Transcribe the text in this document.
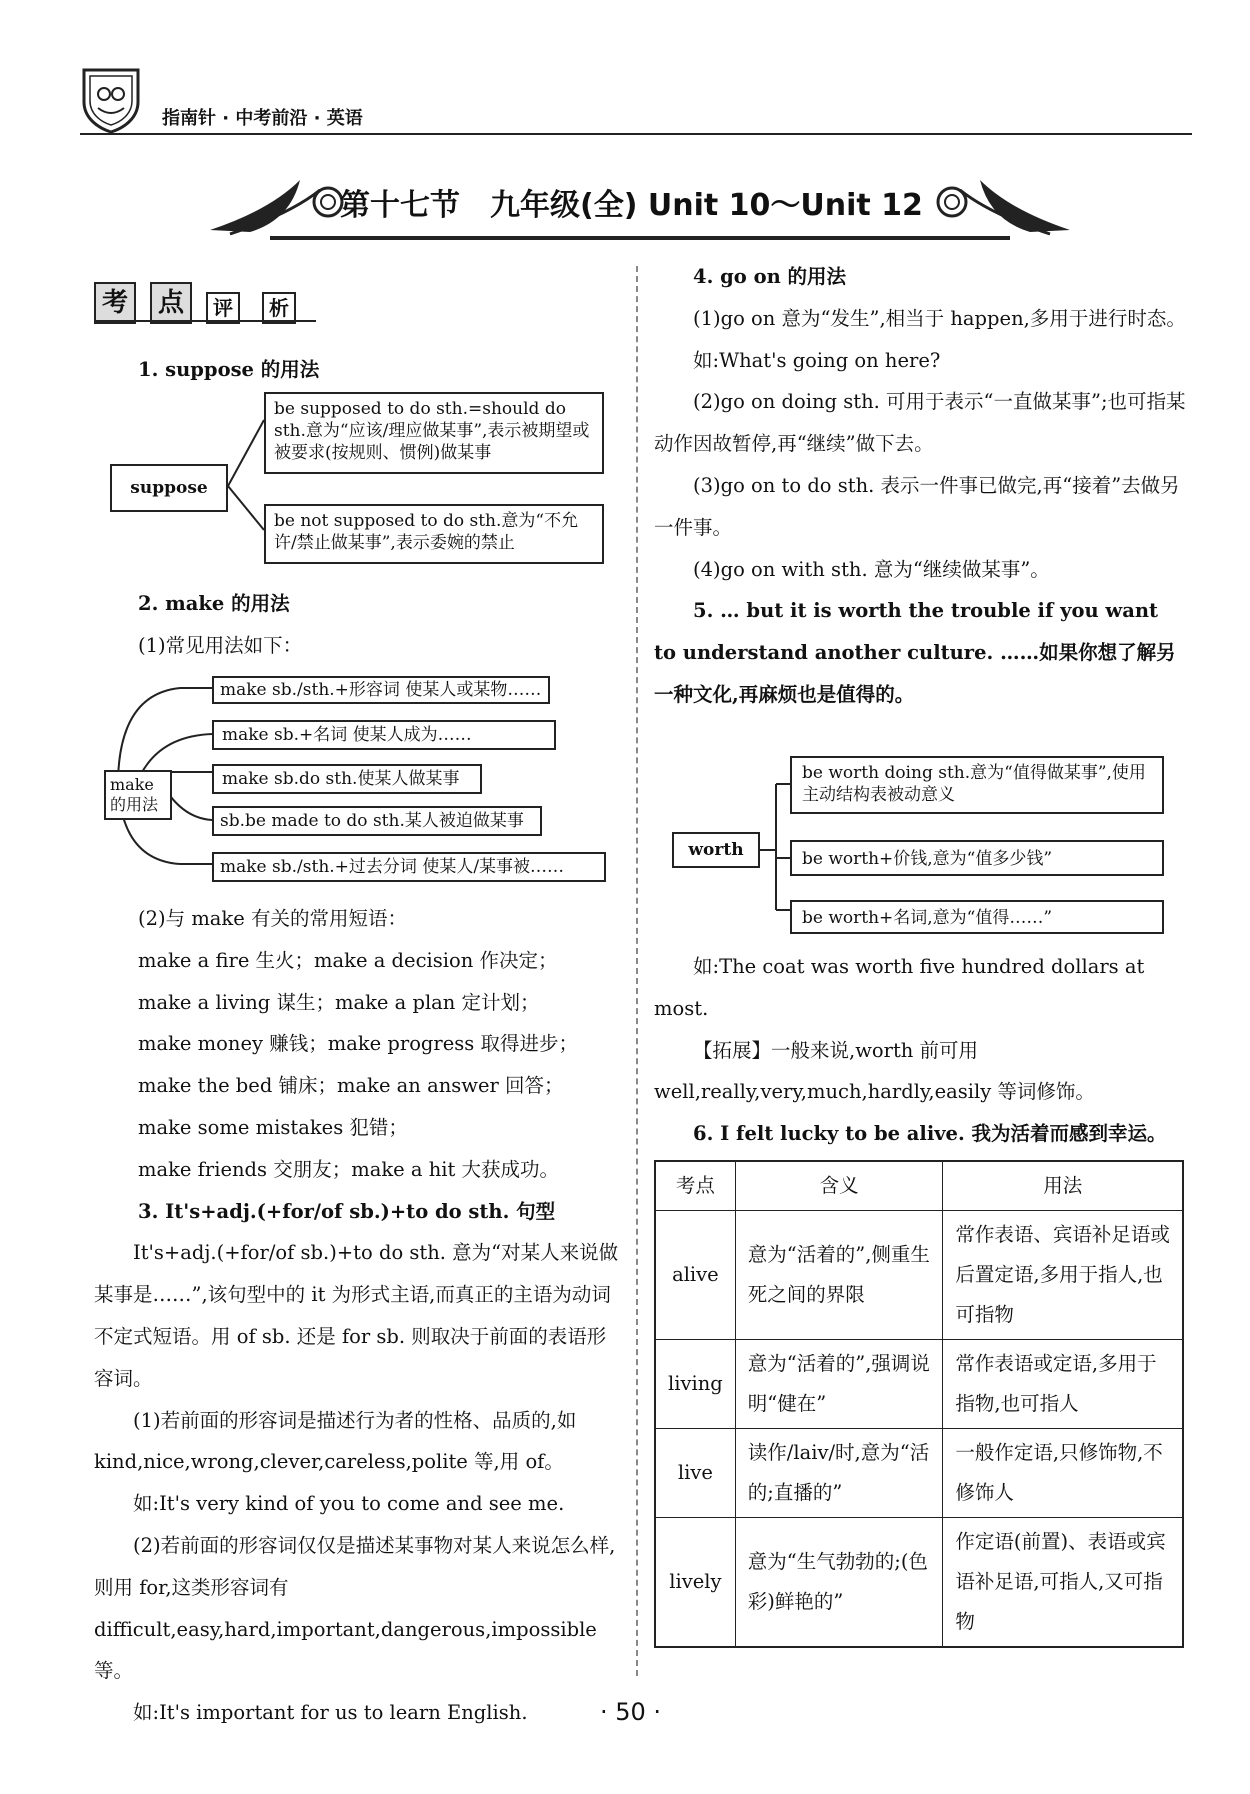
指南针 · 中考前沿 · 英语
第十七节　九年级(全) Unit 10～Unit 12
考	点	评	析
1. suppose 的用法
suppose
be supposed to do sth.=should do sth.意为“应该/理应做某事”,表示被期望或被要求(按规则、惯例)做某事
be not supposed to do sth.意为“不允许/禁止做某事”,表示委婉的禁止
2. make 的用法
(1)常见用法如下：
make
的用法
make sb./sth.+形容词 使某人或某物……
make sb.+名词 使某人成为……
make sb.do sth.使某人做某事
sb.be made to do sth.某人被迫做某事
make sb./sth.+过去分词 使某人/某事被……

(2)与 make 有关的常用短语：

make a fire 生火；make a decision 作决定；

make a living 谋生；make a plan 定计划；

make money 赚钱；make progress 取得进步；

make the bed 铺床；make an answer 回答；

make some mistakes 犯错；

make friends 交朋友；make a hit 大获成功。

3. It's+adj.(+for/of sb.)+to do sth. 句型

It's+adj.(+for/of sb.)+to do sth. 意为“对某人来说做某事是……”,该句型中的 it 为形式主语,而真正的主语为动词不定式短语。用 of sb. 还是 for sb. 则取决于前面的表语形容词。

(1)若前面的形容词是描述行为者的性格、品质的,如 kind,nice,wrong,clever,careless,polite 等,用 of。

如:It's very kind of you to come and see me.

(2)若前面的形容词仅仅是描述某事物对某人来说怎么样,则用 for,这类形容词有 difficult,easy,hard,important,dangerous,impossible 等。

如:It's important for us to learn English.

4. go on 的用法

(1)go on 意为“发生”,相当于 happen,多用于进行时态。

如:What's going on here?

(2)go on doing sth. 可用于表示“一直做某事”;也可指某动作因故暂停,再“继续”做下去。

(3)go on to do sth. 表示一件事已做完,再“接着”去做另一件事。

(4)go on with sth. 意为“继续做某事”。

5. … but it is worth the trouble if you want to understand another culture. ……如果你想了解另一种文化,再麻烦也是值得的。

worth
be worth doing sth.意为“值得做某事”,使用主动结构表被动意义
be worth+价钱,意为“值多少钱”
be worth+名词,意为“值得……”

如:The coat was worth five hundred dollars at most.

【拓展】一般来说,worth 前可用 well,really,very,much,hardly,easily 等词修饰。

6. I felt lucky to be alive. 我为活着而感到幸运。

考点	含义	用法
alive	意为“活着的”,侧重生死之间的界限	常作表语、宾语补足语或后置定语,多用于指人,也可指物
living	意为“活着的”,强调说明“健在”	常作表语或定语,多用于指物,也可指人
live	读作/laiv/时,意为“活的;直播的”	一般作定语,只修饰物,不修饰人
lively	意为“生气勃勃的;(色彩)鲜艳的”	作定语(前置)、表语或宾语补足语,可指人,又可指物
· 50 ·
